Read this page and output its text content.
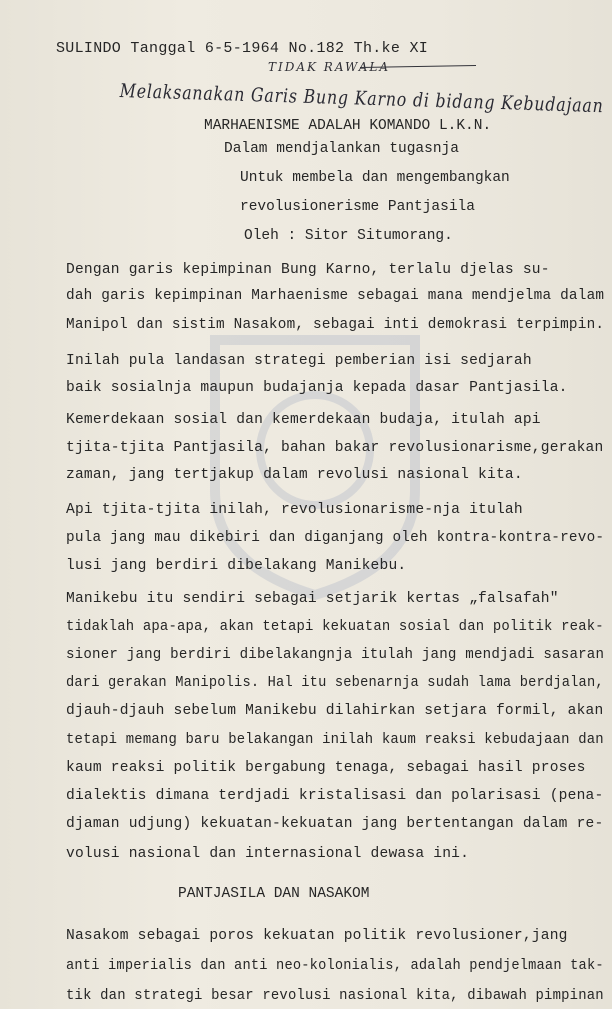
SULINDO Tanggal 6-5-1964 No.182 Th.ke XI
TIDAK RAWALA
Melaksanakan Garis Bung Karno di bidang Kebudajaan
MARHAENISME ADALAH KOMANDO L.K.N.
Dalam mendjalankan tugasnja
Untuk membela dan mengembangkan
revolusionerisme Pantjasila
Oleh : Sitor Situmorang.
Dengan garis kepimpinan Bung Karno, terlalu djelas su-
dah garis kepimpinan Marhaenisme sebagai mana mendjelma dalam
Manipol dan sistim Nasakom, sebagai inti demokrasi terpimpin.
Inilah pula landasan strategi pemberian isi sedjarah
baik sosialnja maupun budajanja kepada dasar Pantjasila.
Kemerdekaan sosial dan kemerdekaan budaja, itulah api
tjita-tjita Pantjasila, bahan bakar revolusionarisme,gerakan
zaman, jang tertjakup dalam revolusi nasional kita.
Api tjita-tjita inilah, revolusionarisme-nja itulah
pula jang mau dikebiri dan diganjang oleh kontra-kontra-revo-
lusi jang berdiri dibelakang Manikebu.
Manikebu itu sendiri sebagai setjarik kertas „falsafah"
tidaklah apa-apa, akan tetapi kekuatan sosial dan politik reak-
sioner jang berdiri dibelakangnja itulah jang mendjadi sasaran
dari gerakan Manipolis. Hal itu sebenarnja sudah lama berdjalan,
djauh-djauh sebelum Manikebu dilahirkan setjara formil, akan
tetapi memang baru belakangan inilah kaum reaksi kebudajaan dan
kaum reaksi politik bergabung tenaga, sebagai hasil proses
dialektis dimana terdjadi kristalisasi dan polarisasi (pena-
djaman udjung) kekuatan-kekuatan jang bertentangan dalam re-
volusi nasional dan internasional dewasa ini.
PANTJASILA DAN NASAKOM
Nasakom sebagai poros kekuatan politik revolusioner,jang
anti imperialis dan anti neo-kolonialis, adalah pendjelmaan tak-
tik dan strategi besar revolusi nasional kita, dibawah pimpinan
